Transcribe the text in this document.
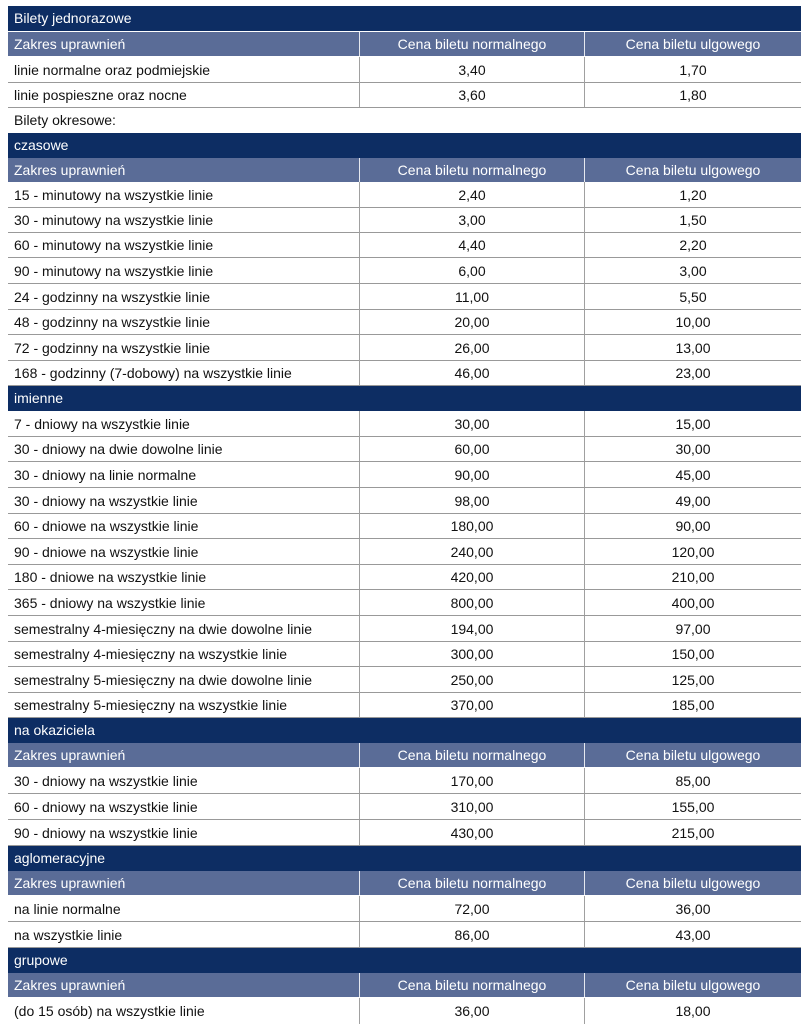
Bilety jednorazowe
Zakres uprawnień	Cena biletu normalnego	Cena biletu ulgowego
linie normalne oraz podmiejskie	3,40	1,70
linie pospieszne oraz nocne	3,60	1,80
Bilety okresowe:
czasowe
Zakres uprawnień	Cena biletu normalnego	Cena biletu ulgowego
15 - minutowy na wszystkie linie	2,40	1,20
30 - minutowy na wszystkie linie	3,00	1,50
60 - minutowy na wszystkie linie	4,40	2,20
90 - minutowy na wszystkie linie	6,00	3,00
24 - godzinny na wszystkie linie	11,00	5,50
48 - godzinny na wszystkie linie	20,00	10,00
72 - godzinny na wszystkie linie	26,00	13,00
168 - godzinny (7-dobowy) na wszystkie linie	46,00	23,00
imienne
7 - dniowy na wszystkie linie	30,00	15,00
30 - dniowy na dwie dowolne linie	60,00	30,00
30 - dniowy na linie normalne	90,00	45,00
30 - dniowy na wszystkie linie	98,00	49,00
60 - dniowe na wszystkie linie	180,00	90,00
90 - dniowe na wszystkie linie	240,00	120,00
180 - dniowe na wszystkie linie	420,00	210,00
365 - dniowy na wszystkie linie	800,00	400,00
semestralny 4-miesięczny na dwie dowolne linie	194,00	97,00
semestralny 4-miesięczny na wszystkie linie	300,00	150,00
semestralny 5-miesięczny na dwie dowolne linie	250,00	125,00
semestralny 5-miesięczny na wszystkie linie	370,00	185,00
na okaziciela
Zakres uprawnień	Cena biletu normalnego	Cena biletu ulgowego
30 - dniowy na wszystkie linie	170,00	85,00
60 - dniowy na wszystkie linie	310,00	155,00
90 - dniowy na wszystkie linie	430,00	215,00
aglomeracyjne
Zakres uprawnień	Cena biletu normalnego	Cena biletu ulgowego
na linie normalne	72,00	36,00
na wszystkie linie	86,00	43,00
grupowe
Zakres uprawnień	Cena biletu normalnego	Cena biletu ulgowego
(do 15 osób) na wszystkie linie	36,00	18,00
